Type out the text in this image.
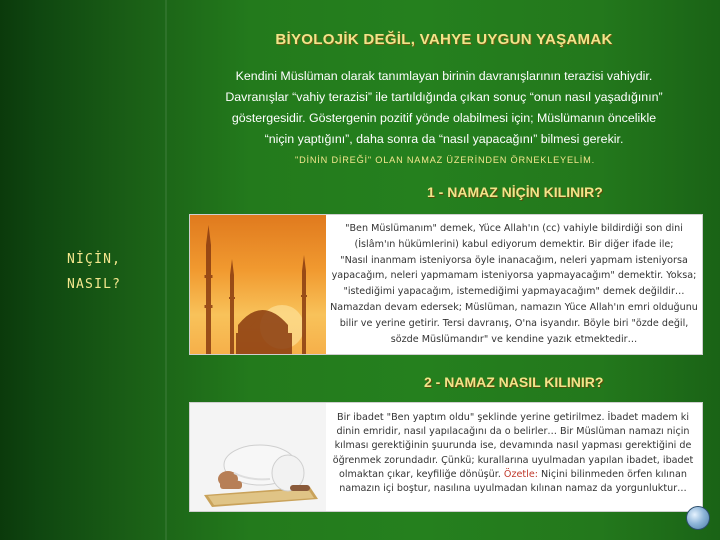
BİYOLOJİK DEĞİL, VAHYE UYGUN YAŞAMAK
Kendini Müslüman olarak tanımlayan birinin davranışlarının terazisi vahiydir.
Davranışlar “vahiy terazisi” ile tartıldığında çıkan sonuç “onun nasıl yaşadığının”
göstergesidir. Göstergenin pozitif yönde olabilmesi için; Müslümanın öncelikle
“niçin yaptığını”, daha sonra da “nasıl yapacağını” bilmesi gerekir.
"DİNİN DİREĞİ" OLAN NAMAZ ÜZERİNDEN ÖRNEKLEYELİM.
1 - NAMAZ NİÇİN KILINIR?
NİÇİN,
NASIL?
"Ben Müslümanım" demek, Yüce Allah'ın (cc) vahiyle bildirdiği son dini
(İslâm'ın hükümlerini) kabul ediyorum demektir. Bir diğer ifade ile;
"Nasıl inanmam isteniyorsa öyle inanacağım, neleri yapmam isteniyorsa
yapacağım, neleri yapmamam isteniyorsa yapmayacağım" demektir. Yoksa;
"istediğimi yapacağım, istemediğimi yapmayacağım" demek değildir…
Namazdan devam edersek; Müslüman, namazın Yüce Allah'ın emri olduğunu
bilir ve yerine getirir. Tersi davranış, O'na isyandır. Böyle biri "özde değil,
sözde Müslümandır" ve kendine yazık etmektedir…
2 - NAMAZ NASIL KILINIR?
Bir ibadet "Ben yaptım oldu" şeklinde yerine getirilmez. İbadet madem ki
dinin emridir, nasıl yapılacağını da o belirler… Bir Müslüman namazı niçin
kılması gerektiğinin şuurunda ise, devamında nasıl yapması gerektiğini de
öğrenmek zorundadır. Çünkü; kurallarına uyulmadan yapılan ibadet, ibadet
olmaktan çıkar, keyfiliğe dönüşür. Özetle: Niçini bilinmeden örfen kılınan
namazın içi boştur, nasılına uyulmadan kılınan namaz da yorgunluktur…
